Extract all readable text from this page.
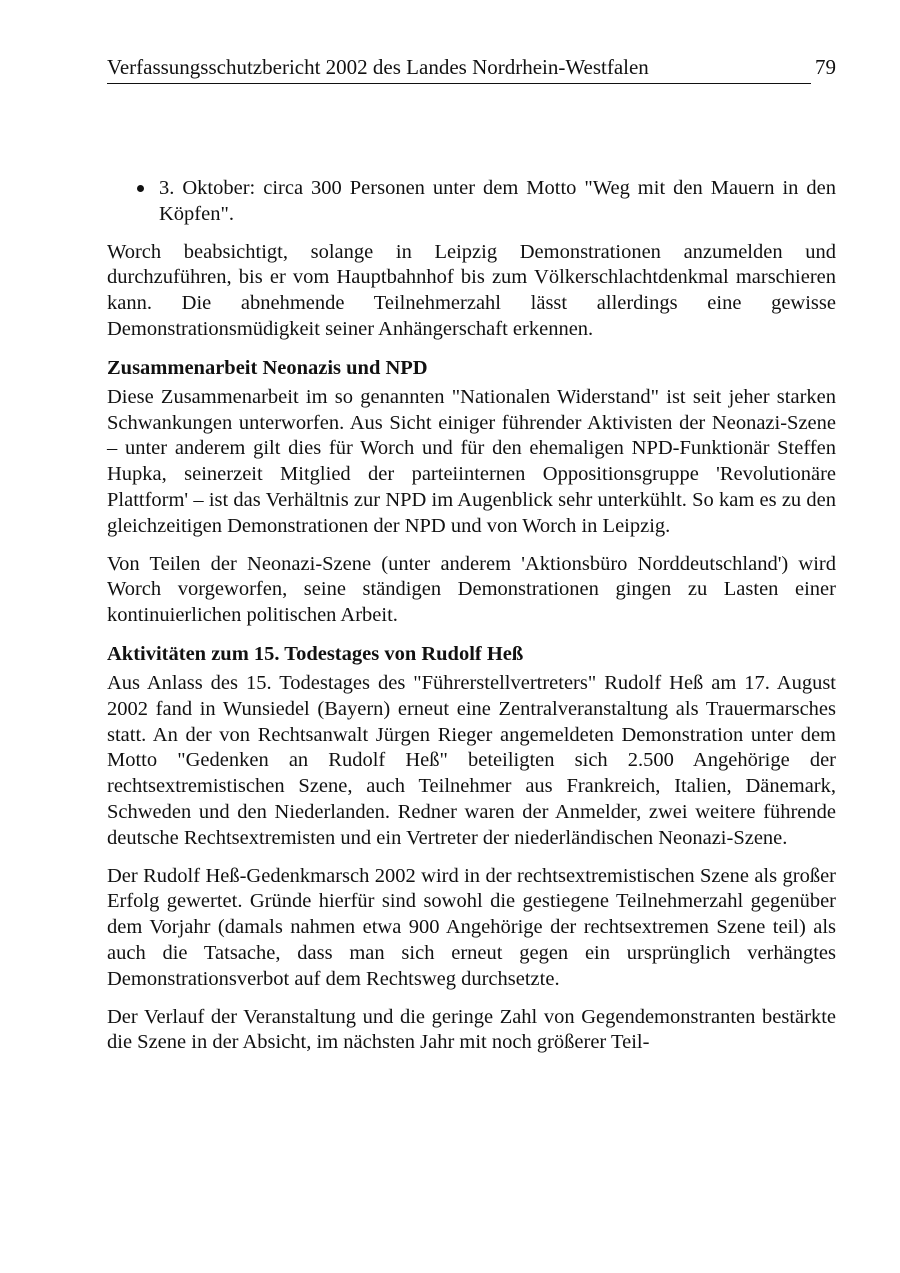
Verfassungsschutzbericht 2002 des Landes Nordrhein-Westfalen	79
3. Oktober: circa 300 Personen unter dem Motto "Weg mit den Mauern in den Köpfen".

Worch beabsichtigt, solange in Leipzig Demonstrationen anzumelden und durchzuführen, bis er vom Hauptbahnhof bis zum Völkerschlachtdenkmal marschieren kann. Die abnehmende Teilnehmerzahl lässt allerdings eine gewisse Demonstrationsmüdigkeit seiner Anhängerschaft erkennen.

Zusammenarbeit Neonazis und NPD

Diese Zusammenarbeit im so genannten "Nationalen Widerstand" ist seit jeher starken Schwankungen unterworfen. Aus Sicht einiger führender Aktivisten der Neonazi-Szene – unter anderem gilt dies für Worch und für den ehemaligen NPD-Funktionär Steffen Hupka, seinerzeit Mitglied der parteiinternen Oppositionsgruppe 'Revolutionäre Plattform' – ist das Verhältnis zur NPD im Augenblick sehr unterkühlt. So kam es zu den gleichzeitigen Demonstrationen der NPD und von Worch in Leipzig.

Von Teilen der Neonazi-Szene (unter anderem 'Aktionsbüro Norddeutschland') wird Worch vorgeworfen, seine ständigen Demonstrationen gingen zu Lasten einer kontinuierlichen politischen Arbeit.

Aktivitäten zum 15. Todestages von Rudolf Heß

Aus Anlass des 15. Todestages des "Führerstellvertreters" Rudolf Heß am 17. August 2002 fand in Wunsiedel (Bayern) erneut eine Zentralveranstaltung als Trauermarsches statt. An der von Rechtsanwalt Jürgen Rieger angemeldeten Demonstration unter dem Motto "Gedenken an Rudolf Heß" beteiligten sich 2.500 Angehörige der rechtsextremistischen Szene, auch Teilnehmer aus Frankreich, Italien, Dänemark, Schweden und den Niederlanden. Redner waren der Anmelder, zwei weitere führende deutsche Rechtsextremisten und ein Vertreter der niederländischen Neonazi-Szene.

Der Rudolf Heß-Gedenkmarsch 2002 wird in der rechtsextremistischen Szene als großer Erfolg gewertet. Gründe hierfür sind sowohl die gestiegene Teilnehmerzahl gegenüber dem Vorjahr (damals nahmen etwa 900 Angehörige der rechtsextremen Szene teil) als auch die Tatsache, dass man sich erneut gegen ein ursprünglich verhängtes Demonstrationsverbot auf dem Rechtsweg durchsetzte.

Der Verlauf der Veranstaltung und die geringe Zahl von Gegendemonstranten bestärkte die Szene in der Absicht, im nächsten Jahr mit noch größerer Teil-
